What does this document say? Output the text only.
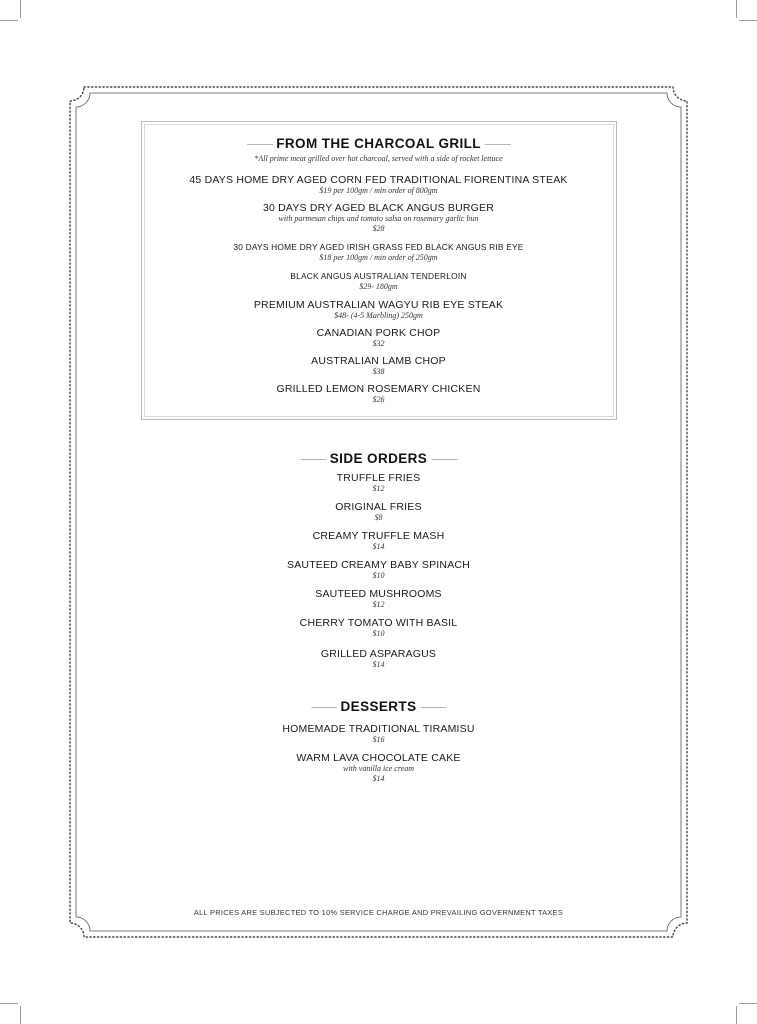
—— FROM THE CHARCOAL GRILL ——
*All prime meat grilled over hot charcoal, served with a side of rocket lettuce
45 DAYS HOME DRY AGED CORN FED TRADITIONAL FIORENTINA STEAK
$19 per 100gm / min order of 800gm
30 DAYS DRY AGED BLACK ANGUS BURGER
with parmesan chips and tomato salsa on rosemary garlic bun
$28
30 DAYS HOME DRY AGED IRISH GRASS FED BLACK ANGUS RIB EYE
$18 per 100gm / min order of 250gm
BLACK ANGUS AUSTRALIAN TENDERLOIN
$29- 180gm
PREMIUM AUSTRALIAN WAGYU RIB EYE STEAK
$48- (4-5 Marbling) 250gm
CANADIAN PORK CHOP
$32
AUSTRALIAN LAMB CHOP
$38
GRILLED LEMON ROSEMARY CHICKEN
$26
—— SIDE ORDERS ——
TRUFFLE FRIES
$12
ORIGINAL FRIES
$8
CREAMY TRUFFLE MASH
$14
SAUTEED CREAMY BABY SPINACH
$10
SAUTEED MUSHROOMS
$12
CHERRY TOMATO WITH BASIL
$10
GRILLED ASPARAGUS
$14
—— DESSERTS ——
HOMEMADE TRADITIONAL TIRAMISU
$16
WARM LAVA CHOCOLATE CAKE
with vanilla ice cream
$14
ALL PRICES ARE SUBJECTED TO 10% SERVICE CHARGE AND PREVAILING GOVERNMENT TAXES
